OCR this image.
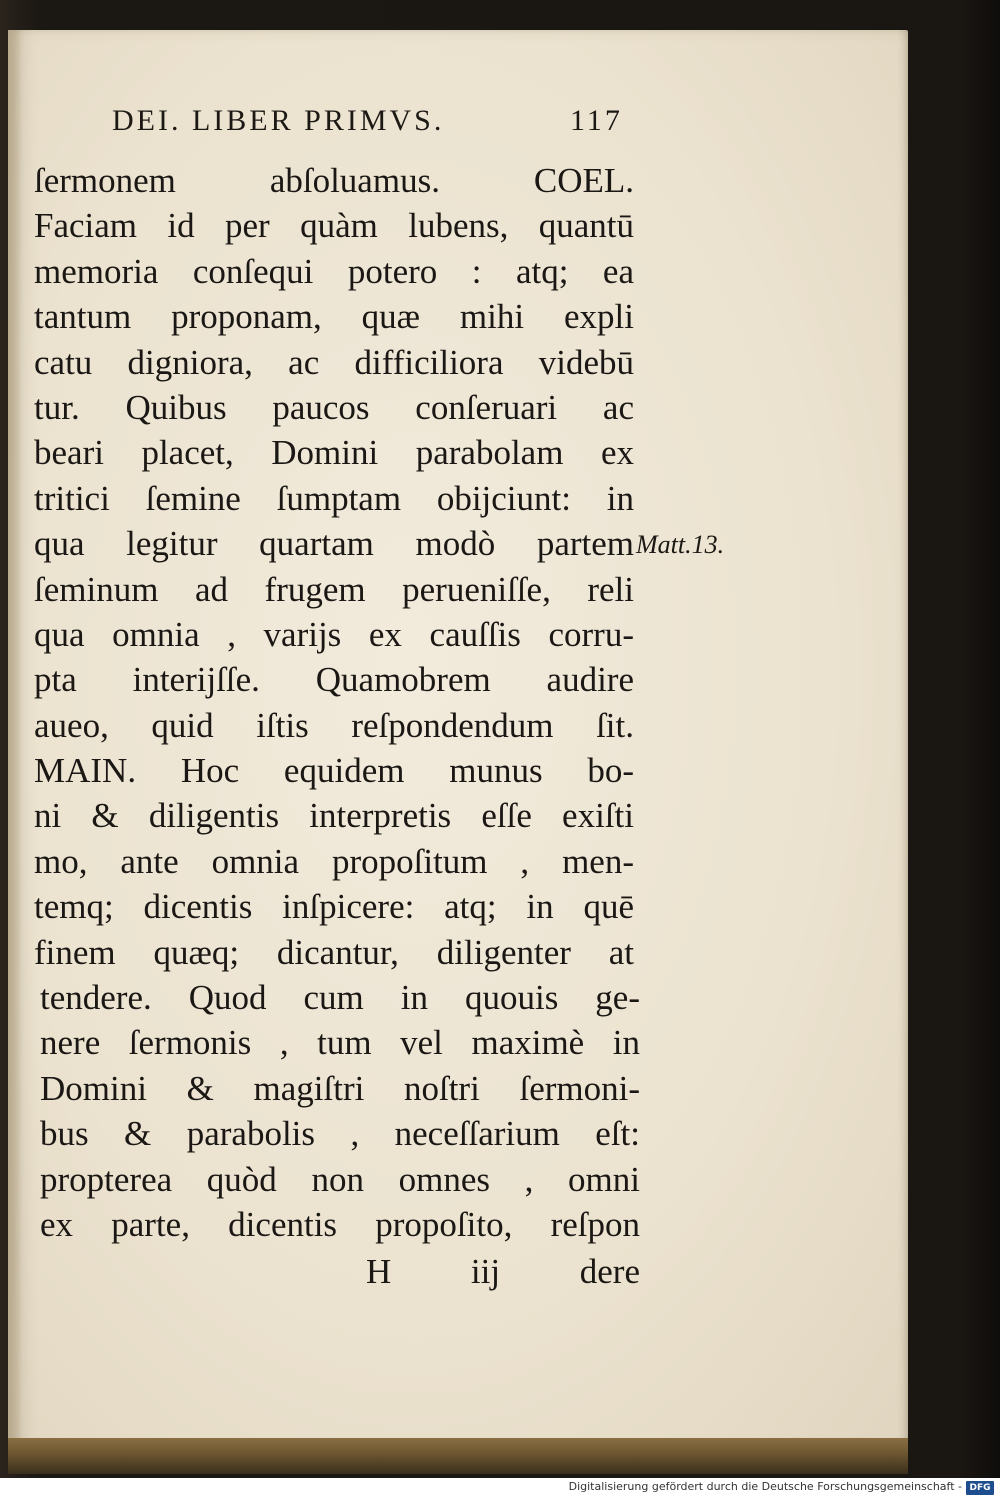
DEI. LIBER PRIMVS.	117
ſermonem abſoluamus. COEL.
Faciam id per quàm lubens, quantū
memoria conſequi potero : atq; ea
tantum proponam, quæ mihi expli
catu digniora, ac difficiliora videbū
tur. Quibus paucos conſeruari ac
beari placet, Domini parabolam ex
tritici ſemine ſumptam obijciunt: in
qua legitur quartam modò partem
ſeminum ad frugem perueniſſe, reli
qua omnia , varijs ex cauſſis corru-
pta interijſſe. Quamobrem audire
aueo, quid iſtis reſpondendum ſit.
MAIN. Hoc equidem munus bo-
ni & diligentis interpretis eſſe exiſti
mo, ante omnia propoſitum , men-
temq; dicentis inſpicere: atq; in quē
finem quæq; dicantur, diligenter at
tendere. Quod cum in quouis ge-
nere ſermonis , tum vel maximè in
Domini & magiſtri noſtri ſermoni-
bus & parabolis , neceſſarium eſt:
propterea quòd non omnes , omni
ex parte, dicentis propoſito, reſpon
Matt.13.
H iij dere
Digitalisierung gefördert durch die Deutsche Forschungsgemeinschaft - DFG
